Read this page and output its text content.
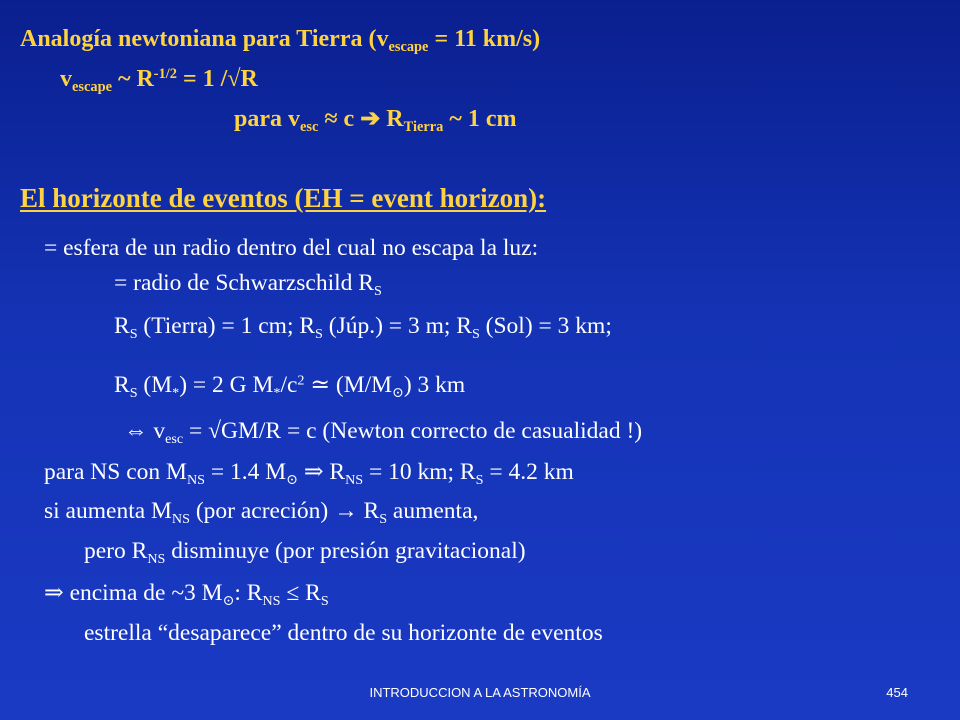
Analogía newtoniana para Tierra ($v_{escape} = 11$ km/s)
$v_{escape}$ ~ $R^{-1/2} = 1$ /√R
para $v_{esc} \approx c$ ➔ $R_{Tierra}$ ~ 1 cm
El horizonte de eventos (EH = event horizon):
= esfera de un radio dentro del cual no escapa la luz:
= radio de Schwarzschild $R_S$
$R_S$ (Tierra) = 1 cm; $R_S$ (Júp.) = 3 m; $R_S$ (Sol) = 3 km;
$R_S$ $(M_*) = 2$ G $M_*/c^2$ ≃ $(M/M_⊙)$ 3 km
⇔ $v_{esc} = √GM/R = c$ (Newton correcto de casualidad !)
para NS con $M_{NS} = 1.4$ $M_⊙$ ⇒ $R_{NS} = 10$ km; $R_S = 4.2$ km
si aumenta $M_{NS}$ (por acreción) → $R_S$ aumenta,
pero $R_{NS}$ disminuye (por presión gravitacional)
⇒ encima de ~3 $M_⊙$: $R_{NS} \le R_S$
estrella “desaparece” dentro de su horizonte de eventos
INTRODUCCION A LA ASTRONOMÍA	454
